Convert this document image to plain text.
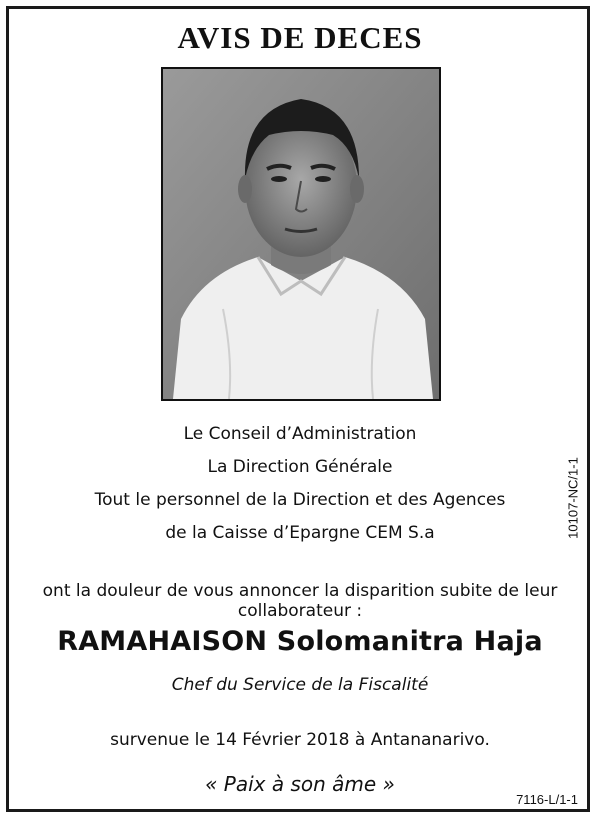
AVIS DE DECES
10107-NC/1-1
Le Conseil d’Administration
La Direction Générale
Tout le personnel de la Direction et des Agences
de la Caisse d’Epargne CEM S.a
ont la douleur de vous annoncer la disparition subite de leur collaborateur :
RAMAHAISON Solomanitra Haja
Chef du Service de la Fiscalité
survenue le 14 Février 2018 à Antananarivo.
« Paix à son âme »
7116-L/1-1
